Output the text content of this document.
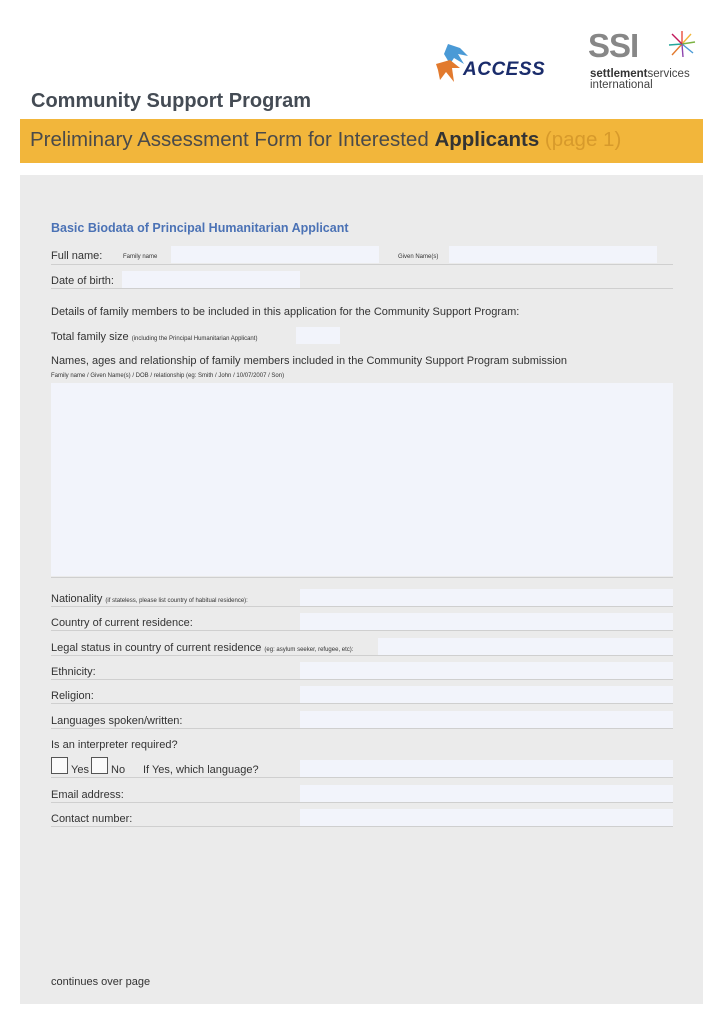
ACCESS
SSI
settlementservices
international
Community Support Program
Preliminary Assessment Form for Interested Applicants (page 1)
Basic Biodata of Principal Humanitarian Applicant
Full name:	Family name	Given Name(s)
Date of birth:
Details of family members to be included in this application for the Community Support Program:
Total family size (including the Principal Humanitarian Applicant)
Names, ages and relationship of family members included in the Community Support Program submission
Family name / Given Name(s) / DOB / relationship (eg: Smith / John / 10/07/2007 / Son)
Nationality (if stateless, please list country of habitual residence):
Country of current residence:
Legal status in country of current residence (eg: asylum seeker, refugee, etc):
Ethnicity:
Religion:
Languages spoken/written:
Is an interpreter required?
Yes No If Yes, which language?
Email address:
Contact number:
continues over page
